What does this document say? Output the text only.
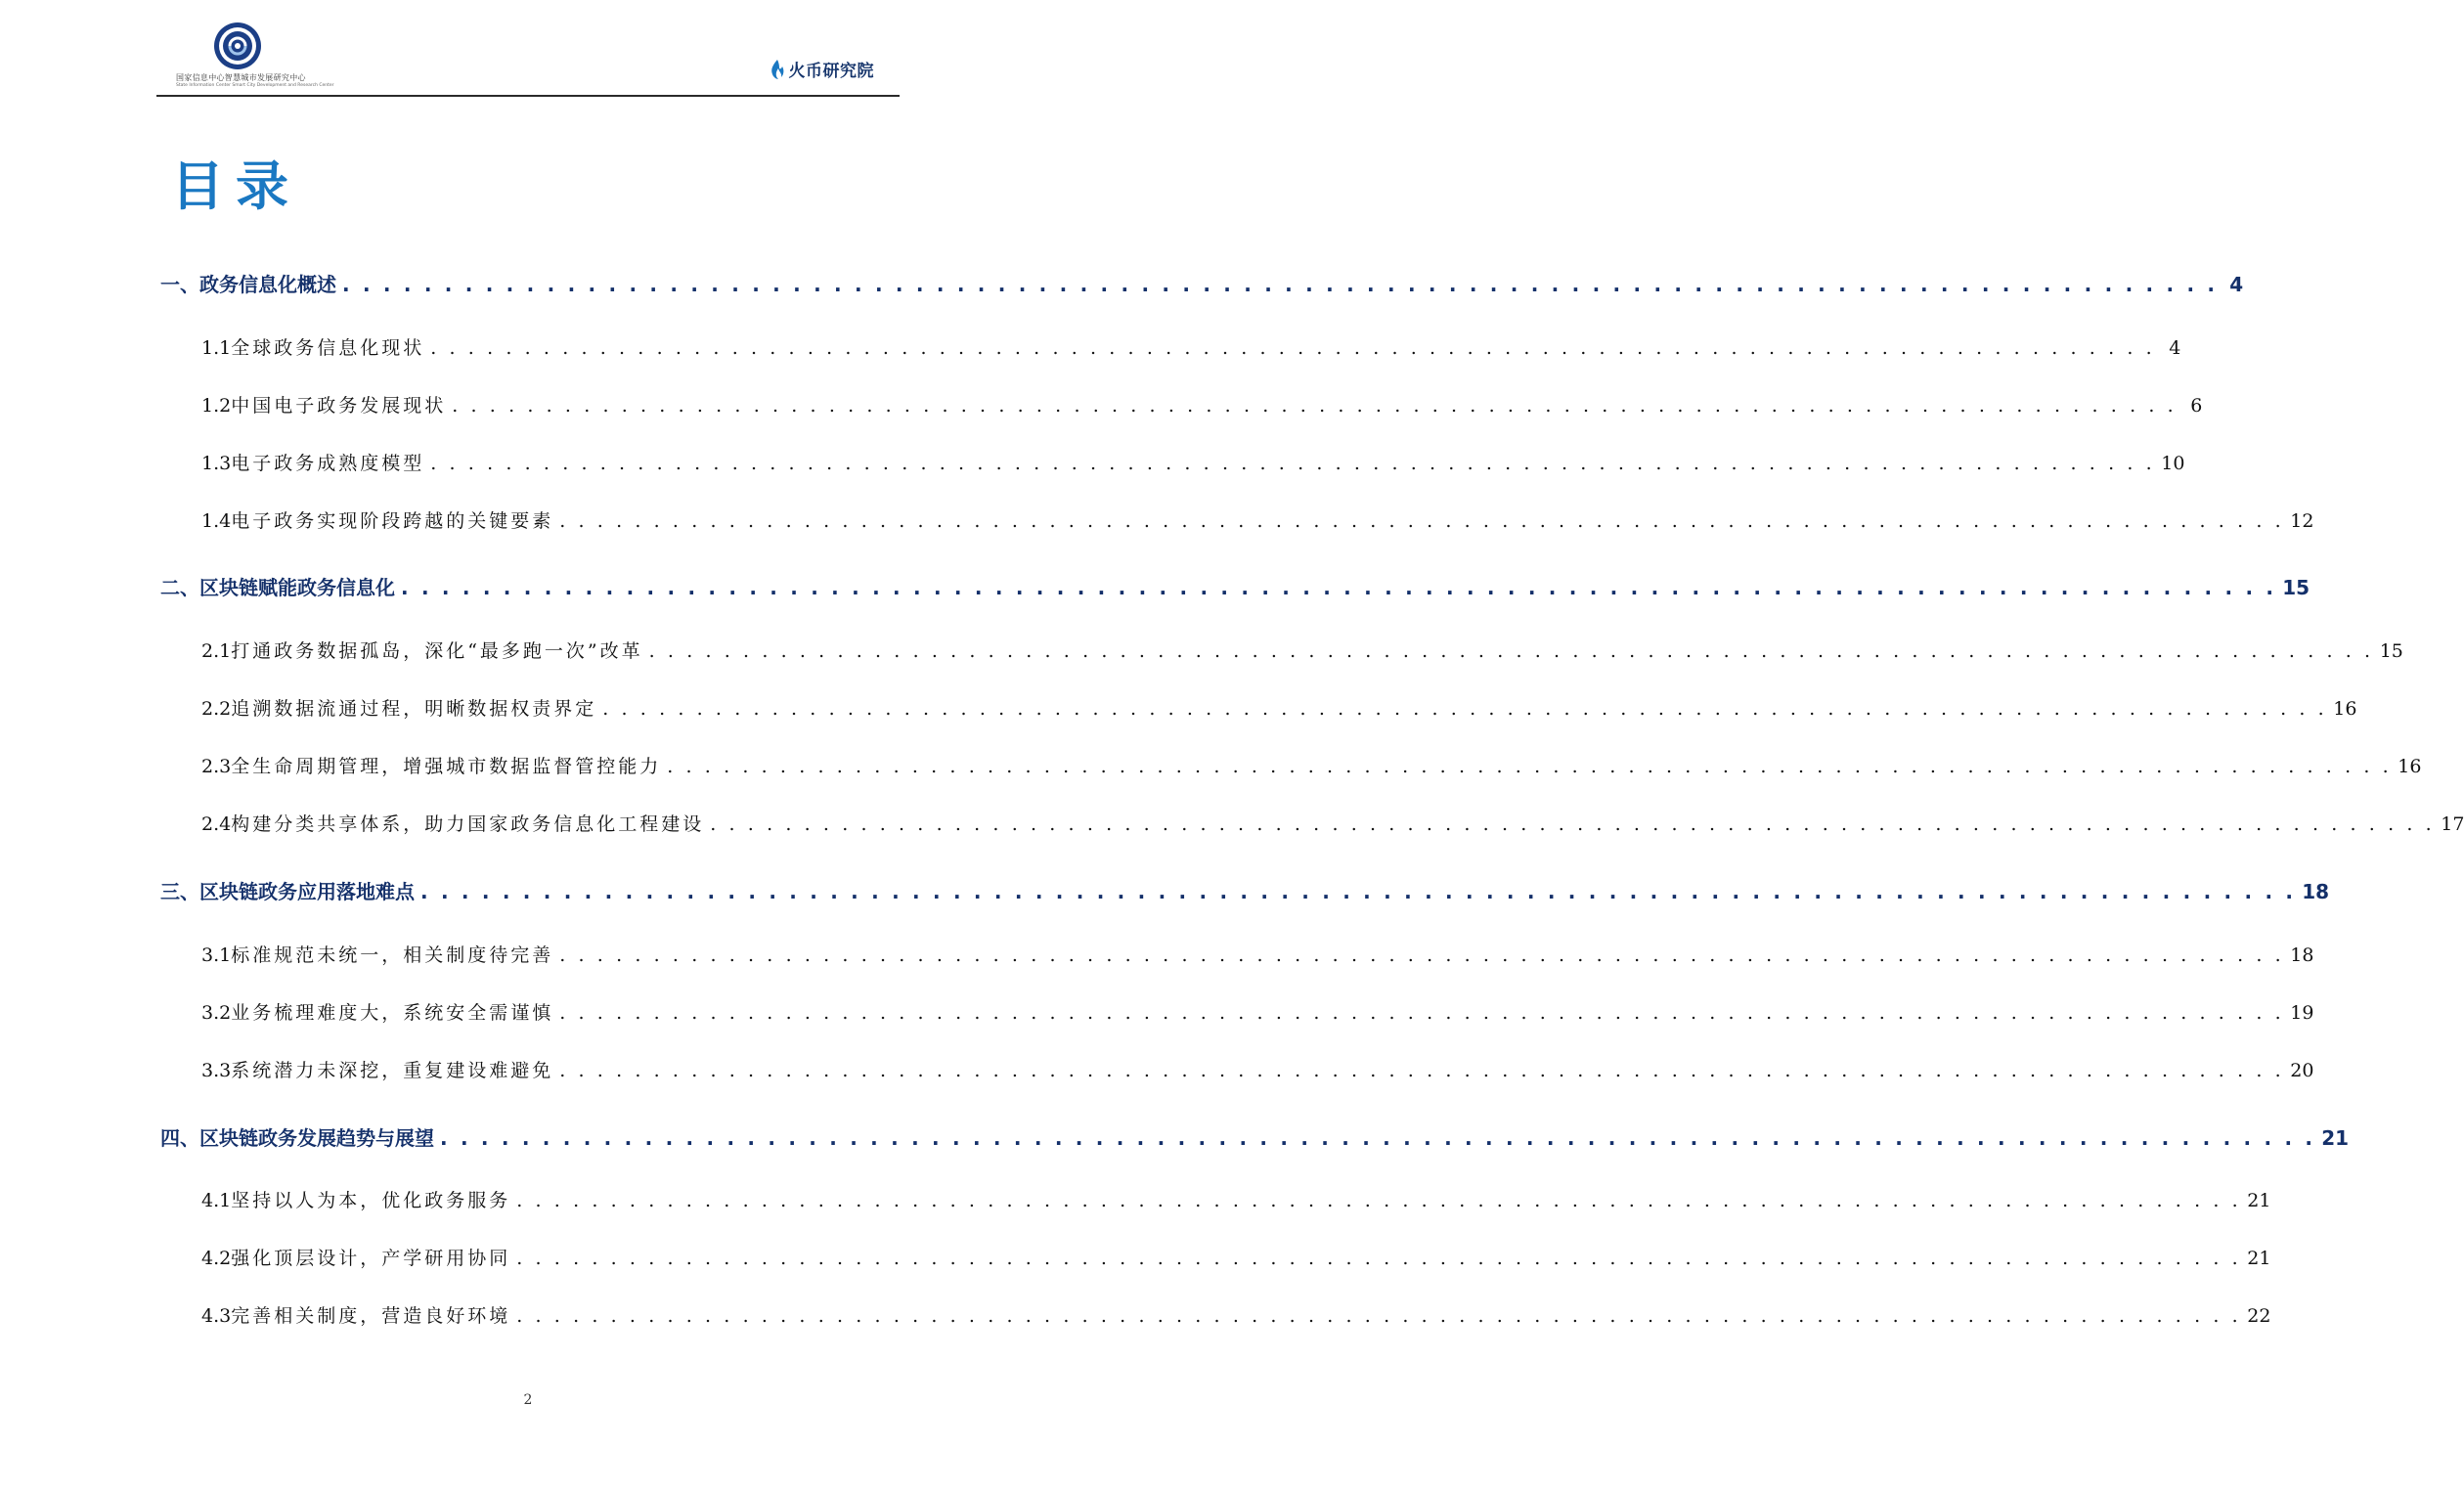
国家信息中心智慧城市发展研究中心
State Information Center Smart City Development and Research Center
火币研究院
目录
一、 政务信息化概述 . . . . . . . . . . . . . . . . . . . . . . . . . . . . . . . . . . . . . . . . . . . . . . . . . . . . . . . . . . . . . . . . . . . . . . . . . . . . . . . . . . . . . . . . . . . . 4
1.1 全球政务信息化现状 . . . . . . . . . . . . . . . . . . . . . . . . . . . . . . . . . . . . . . . . . . . . . . . . . . . . . . . . . . . . . . . . . . . . . . . . . . . . . . . . . . . . . . . . . . . . 4
1.2 中国电子政务发展现状 . . . . . . . . . . . . . . . . . . . . . . . . . . . . . . . . . . . . . . . . . . . . . . . . . . . . . . . . . . . . . . . . . . . . . . . . . . . . . . . . . . . . . . . . . . . . 6
1.3 电子政务成熟度模型 . . . . . . . . . . . . . . . . . . . . . . . . . . . . . . . . . . . . . . . . . . . . . . . . . . . . . . . . . . . . . . . . . . . . . . . . . . . . . . . . . . . . . . . . . . . . 10
1.4 电子政务实现阶段跨越的关键要素 . . . . . . . . . . . . . . . . . . . . . . . . . . . . . . . . . . . . . . . . . . . . . . . . . . . . . . . . . . . . . . . . . . . . . . . . . . . . . . . . . . . . . . . . . . . . 12
二、 区块链赋能政务信息化 . . . . . . . . . . . . . . . . . . . . . . . . . . . . . . . . . . . . . . . . . . . . . . . . . . . . . . . . . . . . . . . . . . . . . . . . . . . . . . . . . . . . . . . . . . . . 15
2.1 打通政务数据孤岛，深化“最多跑一次”改革 . . . . . . . . . . . . . . . . . . . . . . . . . . . . . . . . . . . . . . . . . . . . . . . . . . . . . . . . . . . . . . . . . . . . . . . . . . . . . . . . . . . . . . . . . . . . 15
2.2 追溯数据流通过程，明晰数据权责界定 . . . . . . . . . . . . . . . . . . . . . . . . . . . . . . . . . . . . . . . . . . . . . . . . . . . . . . . . . . . . . . . . . . . . . . . . . . . . . . . . . . . . . . . . . . . . 16
2.3 全生命周期管理，增强城市数据监督管控能力 . . . . . . . . . . . . . . . . . . . . . . . . . . . . . . . . . . . . . . . . . . . . . . . . . . . . . . . . . . . . . . . . . . . . . . . . . . . . . . . . . . . . . . . . . . . . 16
2.4 构建分类共享体系，助力国家政务信息化工程建设 . . . . . . . . . . . . . . . . . . . . . . . . . . . . . . . . . . . . . . . . . . . . . . . . . . . . . . . . . . . . . . . . . . . . . . . . . . . . . . . . . . . . . . . . . . . . 17
三、 区块链政务应用落地难点 . . . . . . . . . . . . . . . . . . . . . . . . . . . . . . . . . . . . . . . . . . . . . . . . . . . . . . . . . . . . . . . . . . . . . . . . . . . . . . . . . . . . . . . . . . . . 18
3.1 标准规范未统一，相关制度待完善 . . . . . . . . . . . . . . . . . . . . . . . . . . . . . . . . . . . . . . . . . . . . . . . . . . . . . . . . . . . . . . . . . . . . . . . . . . . . . . . . . . . . . . . . . . . . 18
3.2 业务梳理难度大，系统安全需谨慎 . . . . . . . . . . . . . . . . . . . . . . . . . . . . . . . . . . . . . . . . . . . . . . . . . . . . . . . . . . . . . . . . . . . . . . . . . . . . . . . . . . . . . . . . . . . . 19
3.3 系统潜力未深挖，重复建设难避免 . . . . . . . . . . . . . . . . . . . . . . . . . . . . . . . . . . . . . . . . . . . . . . . . . . . . . . . . . . . . . . . . . . . . . . . . . . . . . . . . . . . . . . . . . . . . 20
四、 区块链政务发展趋势与展望 . . . . . . . . . . . . . . . . . . . . . . . . . . . . . . . . . . . . . . . . . . . . . . . . . . . . . . . . . . . . . . . . . . . . . . . . . . . . . . . . . . . . . . . . . . . . 21
4.1 坚持以人为本，优化政务服务 . . . . . . . . . . . . . . . . . . . . . . . . . . . . . . . . . . . . . . . . . . . . . . . . . . . . . . . . . . . . . . . . . . . . . . . . . . . . . . . . . . . . . . . . . . . . 21
4.2 强化顶层设计，产学研用协同 . . . . . . . . . . . . . . . . . . . . . . . . . . . . . . . . . . . . . . . . . . . . . . . . . . . . . . . . . . . . . . . . . . . . . . . . . . . . . . . . . . . . . . . . . . . . 21
4.3 完善相关制度，营造良好环境 . . . . . . . . . . . . . . . . . . . . . . . . . . . . . . . . . . . . . . . . . . . . . . . . . . . . . . . . . . . . . . . . . . . . . . . . . . . . . . . . . . . . . . . . . . . . 22
2
